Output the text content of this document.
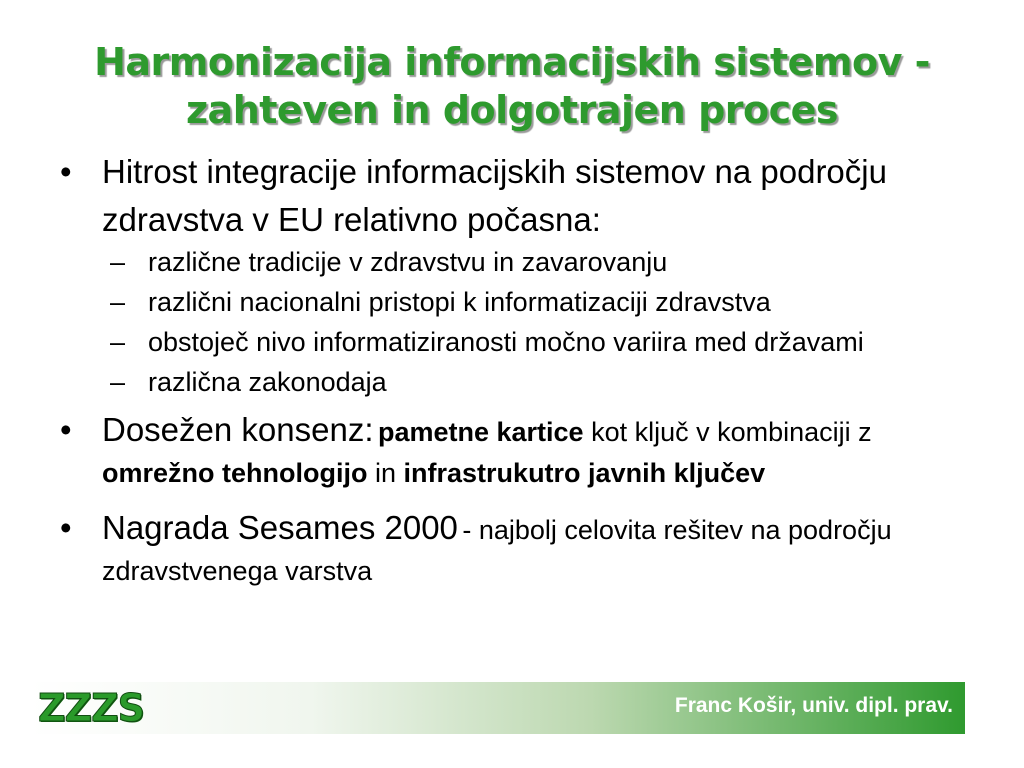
Harmonizacija informacijskih sistemov -
zahteven in dolgotrajen proces
• Hitrost integracije informacijskih sistemov na področju zdravstva v EU relativno počasna:
– različne tradicije v zdravstvu in zavarovanju
– različni nacionalni pristopi k informatizaciji zdravstva
– obstoječ nivo informatiziranosti močno variira med državami
– različna zakonodaja
• Dosežen konsenz: pametne kartice kot ključ v kombinaciji z omrežno tehnologijo in infrastrukutro javnih ključev
• Nagrada Sesames 2000 - najbolj celovita rešitev na področju zdravstvenega varstva
ZZZS	Franc Košir, univ. dipl. prav.
